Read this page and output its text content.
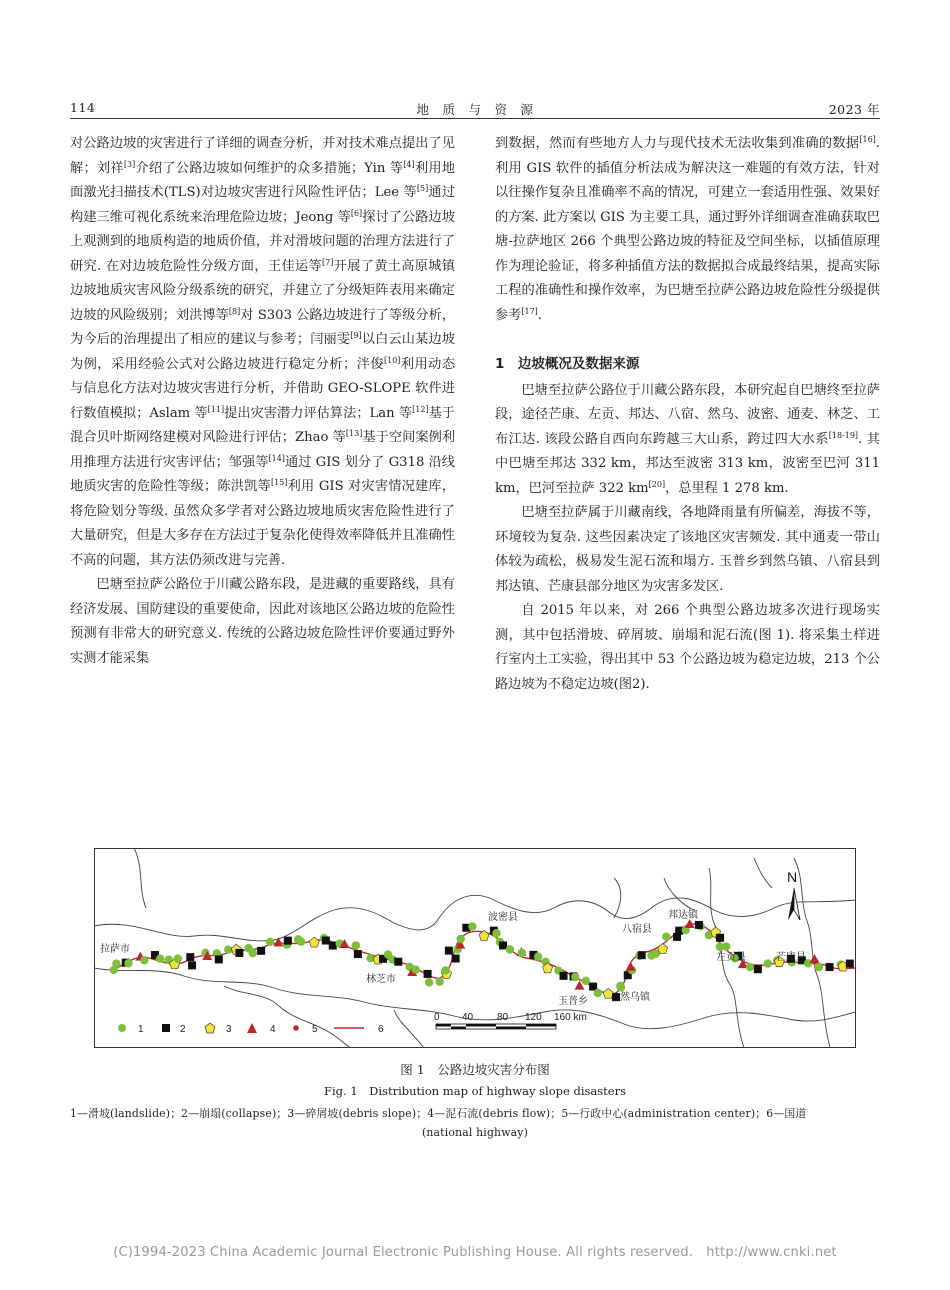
114	地　质　与　资　源	2023 年

对公路边坡的灾害进行了详细的调查分析，并对技术难点提出了见解；刘祥[3]介绍了公路边坡如何维护的众多措施；Yin 等[4]利用地面激光扫描技术(TLS)对边坡灾害进行风险性评估；Lee 等[5]通过构建三维可视化系统来治理危险边坡；Jeong 等[6]探讨了公路边坡上观测到的地质构造的地质价值，并对滑坡问题的治理方法进行了研究. 在对边坡危险性分级方面，王佳运等[7]开展了黄土高原城镇边坡地质灾害风险分级系统的研究，并建立了分级矩阵表用来确定边坡的风险级别；刘洪博等[8]对 S303 公路边坡进行了等级分析，为今后的治理提出了相应的建议与参考；闫丽雯[9]以白云山某边坡为例，采用经验公式对公路边坡进行稳定分析；泮俊[10]利用动态与信息化方法对边坡灾害进行分析，并借助 GEO-SLOPE 软件进行数值模拟；Aslam 等[11]提出灾害潜力评估算法；Lan 等[12]基于混合贝叶斯网络建模对风险进行评估；Zhao 等[13]基于空间案例利用推理方法进行灾害评估；邹强等[14]通过 GIS 划分了 G318 沿线地质灾害的危险性等级；陈洪凯等[15]利用 GIS 对灾害情况建库，将危险划分等级. 虽然众多学者对公路边坡地质灾害危险性进行了大量研究，但是大多存在方法过于复杂化使得效率降低并且准确性不高的问题，其方法仍须改进与完善.

巴塘至拉萨公路位于川藏公路东段，是进藏的重要路线，具有经济发展、国防建设的重要使命，因此对该地区公路边坡的危险性预测有非常大的研究意义. 传统的公路边坡危险性评价要通过野外实测才能采集

到数据，然而有些地方人力与现代技术无法收集到准确的数据[16]. 利用 GIS 软件的插值分析法成为解决这一难题的有效方法，针对以往操作复杂且准确率不高的情况，可建立一套适用性强、效果好的方案. 此方案以 GIS 为主要工具，通过野外详细调查准确获取巴塘-拉萨地区 266 个典型公路边坡的特征及空间坐标，以插值原理作为理论验证，将多种插值方法的数据拟合成最终结果，提高实际工程的准确性和操作效率，为巴塘至拉萨公路边坡危险性分级提供参考[17].

1　边坡概况及数据来源

巴塘至拉萨公路位于川藏公路东段，本研究起自巴塘终至拉萨段，途径芒康、左贡、邦达、八宿、然乌、波密、通麦、林芝、工布江达. 该段公路自西向东跨越三大山系，跨过四大水系[18-19]. 其中巴塘至邦达 332 km，邦达至波密 313 km，波密至巴河 311 km，巴河至拉萨 322 km[20]，总里程 1 278 km.

巴塘至拉萨属于川藏南线，各地降雨量有所偏差，海拔不等，环境较为复杂. 这些因素决定了该地区灾害频发. 其中通麦一带山体较为疏松，极易发生泥石流和塌方. 玉普乡到然乌镇、八宿县到邦达镇、芒康县部分地区为灾害多发区.

自 2015 年以来，对 266 个典型公路边坡多次进行现场实测，其中包括滑坡、碎屑坡、崩塌和泥石流(图 1). 将采集土样进行室内土工实验，得出其中 53 个公路边坡为稳定边坡，213 个公路边坡为不稳定边坡(图2).

拉萨市
林芝市
波密县
玉普乡	然乌镇
八宿县
邦达镇
左贡县	芒康县
N
1	2	3	4	5	6
0 40 80 120 160 km
图 1　公路边坡灾害分布图
Fig. 1　Distribution map of highway slope disasters
1—滑坡(landslide)；2—崩塌(collapse)；3—碎屑坡(debris slope)；4—泥石流(debris flow)；5—行政中心(administration center)；6—国道
(national highway)
(C)1994-2023 China Academic Journal Electronic Publishing House. All rights reserved.　http://www.cnki.net
